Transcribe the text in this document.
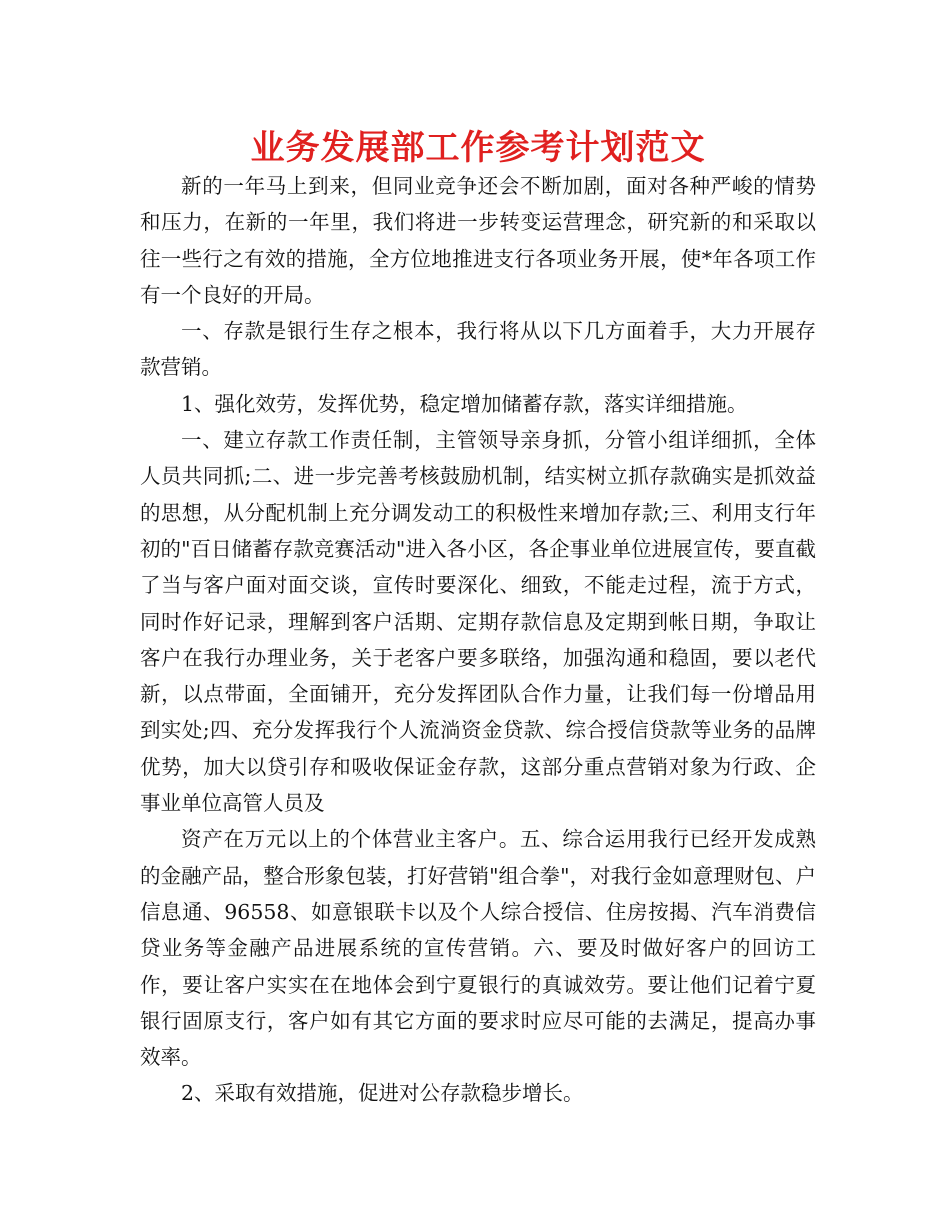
业务发展部工作参考计划范文

新的一年马上到来，但同业竞争还会不断加剧，面对各种严峻的情势和压力，在新的一年里，我们将进一步转变运营理念，研究新的和采取以往一些行之有效的措施，全方位地推进支行各项业务开展，使*年各项工作有一个良好的开局。

一、存款是银行生存之根本，我行将从以下几方面着手，大力开展存款营销。

1、强化效劳，发挥优势，稳定增加储蓄存款，落实详细措施。

一、建立存款工作责任制，主管领导亲身抓，分管小组详细抓，全体人员共同抓;二、进一步完善考核鼓励机制，结实树立抓存款确实是抓效益的思想，从分配机制上充分调发动工的积极性来增加存款;三、利用支行年初的"百日储蓄存款竞赛活动"进入各小区，各企事业单位进展宣传，要直截了当与客户面对面交谈，宣传时要深化、细致，不能走过程，流于方式，同时作好记录，理解到客户活期、定期存款信息及定期到帐日期，争取让客户在我行办理业务，关于老客户要多联络，加强沟通和稳固，要以老代新，以点带面，全面铺开，充分发挥团队合作力量，让我们每一份增品用到实处;四、充分发挥我行个人流淌资金贷款、综合授信贷款等业务的品牌优势，加大以贷引存和吸收保证金存款，这部分重点营销对象为行政、企事业单位高管人员及

资产在万元以上的个体营业主客户。五、综合运用我行已经开发成熟的金融产品，整合形象包装，打好营销"组合拳"，对我行金如意理财包、户信息通、96558、如意银联卡以及个人综合授信、住房按揭、汽车消费信贷业务等金融产品进展系统的宣传营销。六、要及时做好客户的回访工作，要让客户实实在在地体会到宁夏银行的真诚效劳。要让他们记着宁夏银行固原支行，客户如有其它方面的要求时应尽可能的去满足，提高办事效率。

2、采取有效措施，促进对公存款稳步增长。
